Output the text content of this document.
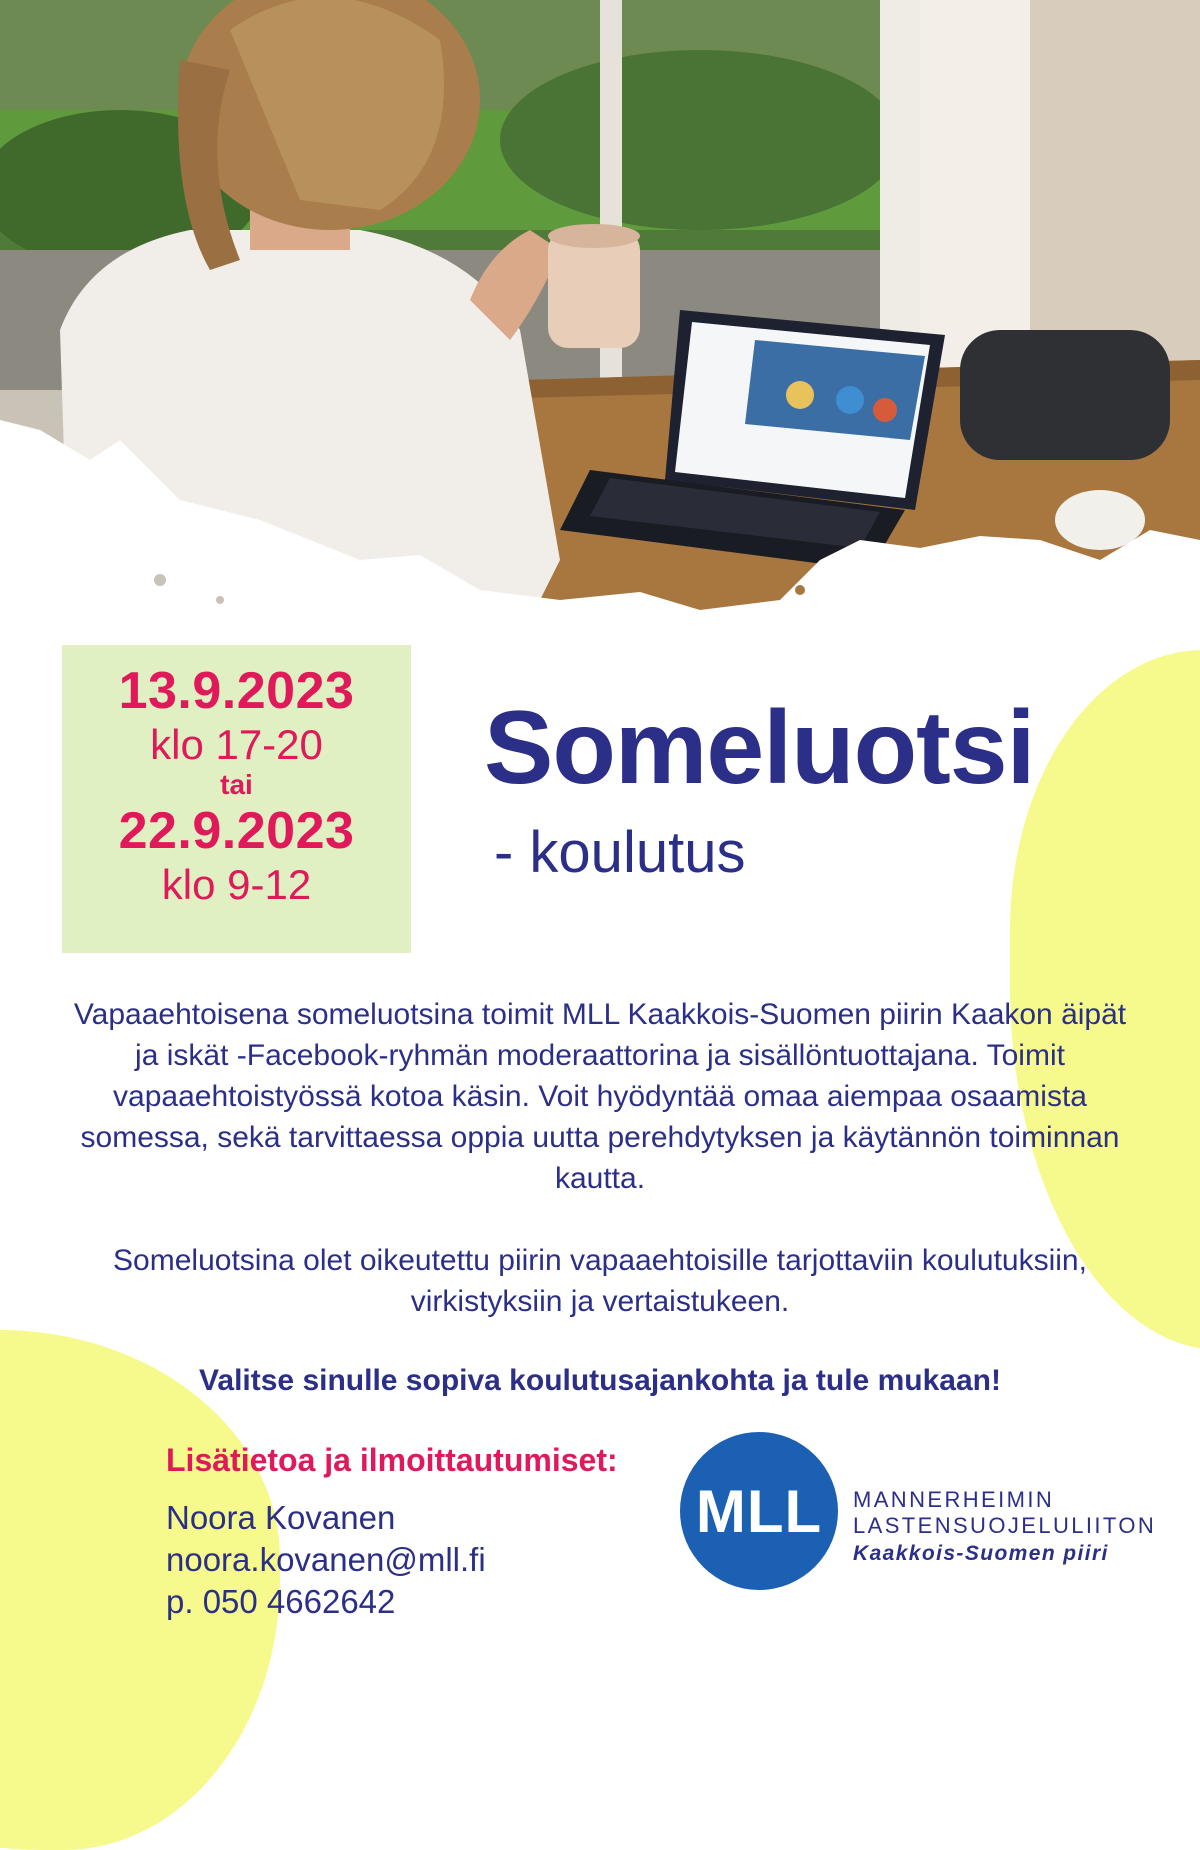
13.9.2023
klo 17-20
tai
22.9.2023
klo 9-12
Someluotsi
- koulutus

Vapaaehtoisena someluotsina toimit MLL Kaakkois-Suomen piirin Kaakon äipät ja iskät -Facebook-ryhmän moderaattorina ja sisällöntuottajana. Toimit vapaaehtoistyössä kotoa käsin. Voit hyödyntää omaa aiempaa osaamista somessa, sekä tarvittaessa oppia uutta perehdytyksen ja käytännön toiminnan kautta.

Someluotsina olet oikeutettu piirin vapaaehtoisille tarjottaviin koulutuksiin, virkistyksiin ja vertaistukeen.

Valitse sinulle sopiva koulutusajankohta ja tule mukaan!

Lisätietoa ja ilmoittautumiset:

Noora Kovanen

noora.kovanen@mll.fi

p. 050 4662642

MLL	MANNERHEIMIN

LASTENSUOJELULIITON

Kaakkois-Suomen piiri
